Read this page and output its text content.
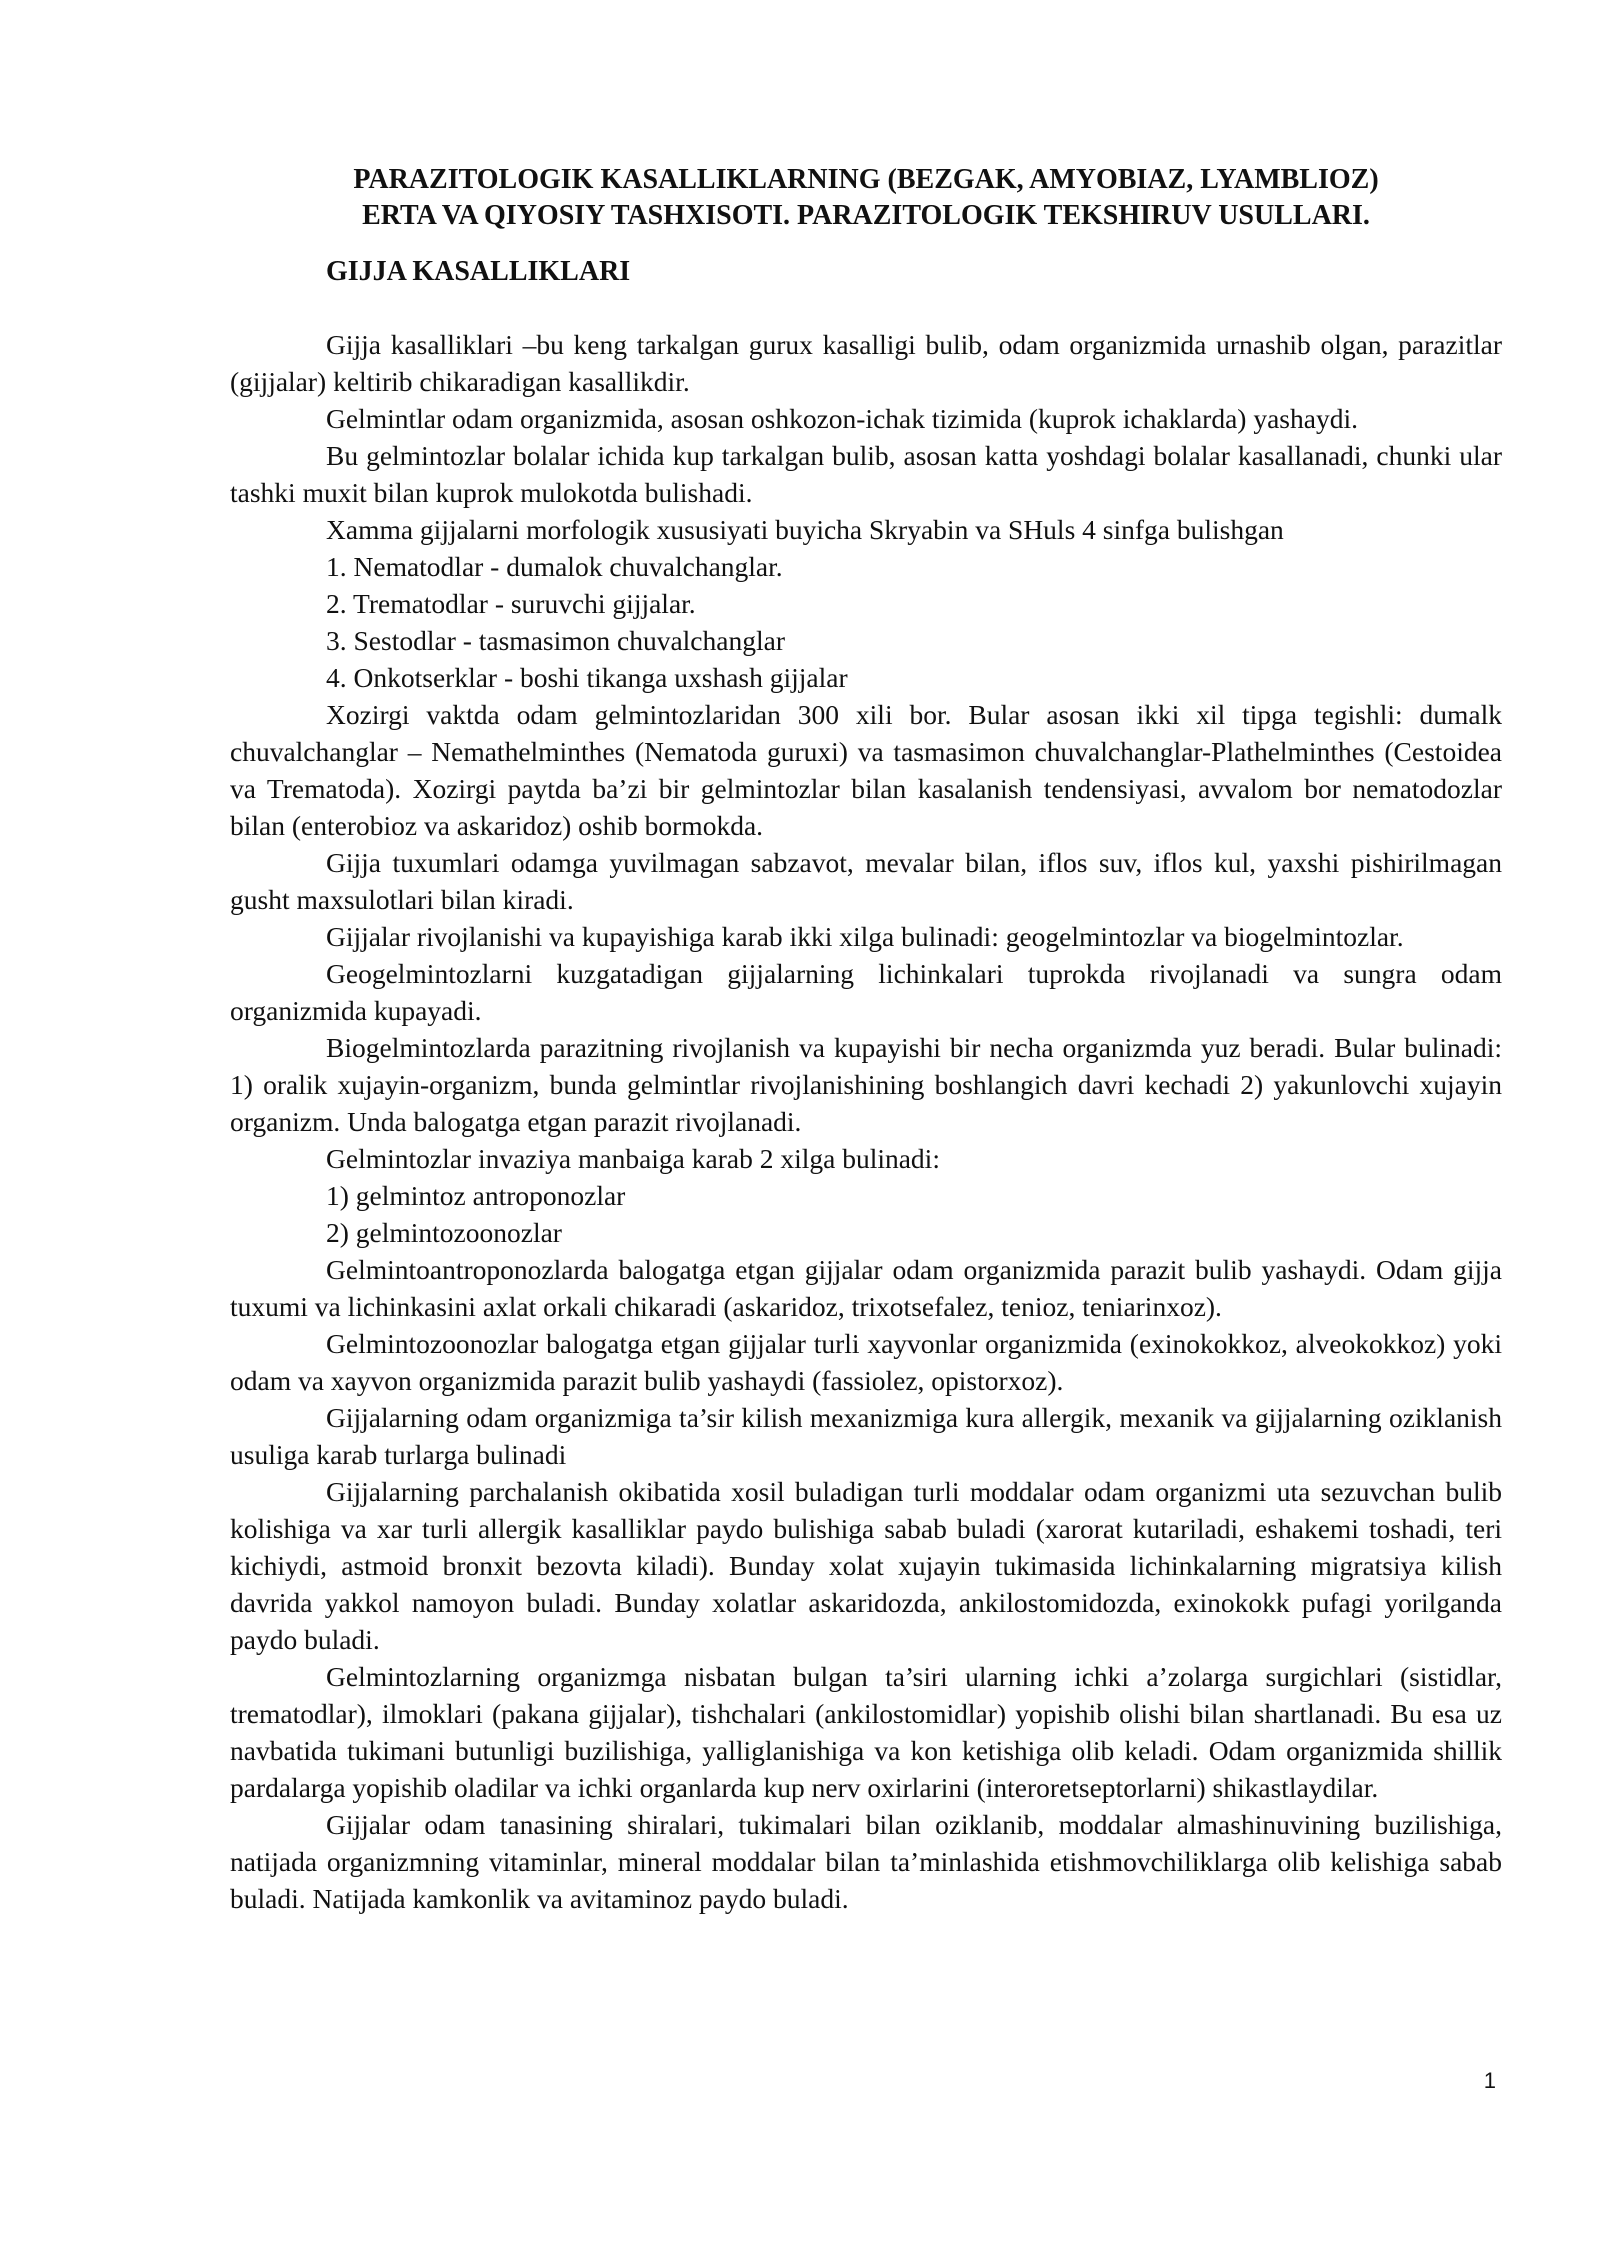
PARAZITOLOGIK KASALLIKLARNING (BEZGAK, AMYOBIAZ, LYAMBLIOZ)
ERTA VA QIYOSIY TASHXISOTI. PARAZITOLOGIK TEKSHIRUV USULLARI.
GIJJA KASALLIKLARI

Gijja kasalliklari –bu keng tarkalgan gurux kasalligi bulib, odam organizmida urnashib olgan, parazitlar (gijjalar) keltirib chikaradigan kasallikdir.

Gelmintlar odam organizmida, asosan oshkozon-ichak tizimida (kuprok ichaklarda) yashaydi.

Bu gelmintozlar bolalar ichida kup tarkalgan bulib, asosan katta yoshdagi bolalar kasallanadi, chunki ular tashki muxit bilan kuprok mulokotda bulishadi.

Xamma gijjalarni morfologik xususiyati buyicha Skryabin va SHuls 4 sinfga bulishgan

1. Nematodlar - dumalok chuvalchanglar.

2. Trematodlar - suruvchi gijjalar.

3. Sestodlar - tasmasimon chuvalchanglar

4. Onkotserklar - boshi tikanga uxshash gijjalar

Xozirgi vaktda odam gelmintozlaridan 300 xili bor. Bular asosan ikki xil tipga tegishli: dumalk chuvalchanglar – Nemathelminthes (Nematoda guruxi) va tasmasimon chuvalchanglar-Plathelminthes (Cestoidea va Trematoda). Xozirgi paytda ba’zi bir gelmintozlar bilan kasalanish tendensiyasi, avvalom bor nematodozlar bilan (enterobioz va askaridoz) oshib bormokda.

Gijja tuxumlari odamga yuvilmagan sabzavot, mevalar bilan, iflos suv, iflos kul, yaxshi pishirilmagan gusht maxsulotlari bilan kiradi.

Gijjalar rivojlanishi va kupayishiga karab ikki xilga bulinadi: geogelmintozlar va biogelmintozlar.

Geogelmintozlarni kuzgatadigan gijjalarning lichinkalari tuprokda rivojlanadi va sungra odam organizmida kupayadi.

Biogelmintozlarda parazitning rivojlanish va kupayishi bir necha organizmda yuz beradi. Bular bulinadi: 1) oralik xujayin-organizm, bunda gelmintlar rivojlanishining boshlangich davri kechadi 2) yakunlovchi xujayin organizm. Unda balogatga etgan parazit rivojlanadi.

Gelmintozlar invaziya manbaiga karab 2 xilga bulinadi:

1) gelmintoz antroponozlar

2) gelmintozoonozlar

Gelmintoantroponozlarda balogatga etgan gijjalar odam organizmida parazit bulib yashaydi. Odam gijja tuxumi va lichinkasini axlat orkali chikaradi (askaridoz, trixotsefalez, tenioz, teniarinxoz).

Gelmintozoonozlar balogatga etgan gijjalar turli xayvonlar organizmida (exinokokkoz, alveokokkoz) yoki odam va xayvon organizmida parazit bulib yashaydi (fassiolez, opistorxoz).

Gijjalarning odam organizmiga ta’sir kilish mexanizmiga kura allergik, mexanik va gijjalarning oziklanish usuliga karab turlarga bulinadi

Gijjalarning parchalanish okibatida xosil buladigan turli moddalar odam organizmi uta sezuvchan bulib kolishiga va xar turli allergik kasalliklar paydo bulishiga sabab buladi (xarorat kutariladi, eshakemi toshadi, teri kichiydi, astmoid bronxit bezovta kiladi). Bunday xolat xujayin tukimasida lichinkalarning migratsiya kilish davrida yakkol namoyon buladi. Bunday xolatlar askaridozda, ankilostomidozda, exinokokk pufagi yorilganda paydo buladi.

Gelmintozlarning organizmga nisbatan bulgan ta’siri ularning ichki a’zolarga surgichlari (sistidlar, trematodlar), ilmoklari (pakana gijjalar), tishchalari (ankilostomidlar) yopishib olishi bilan shartlanadi. Bu esa uz navbatida tukimani butunligi buzilishiga, yalliglanishiga va kon ketishiga olib keladi. Odam organizmida shillik pardalarga yopishib oladilar va ichki organlarda kup nerv oxirlarini (interoretseptorlarni) shikastlaydilar.

Gijjalar odam tanasining shiralari, tukimalari bilan oziklanib, moddalar almashinuvining buzilishiga, natijada organizmning vitaminlar, mineral moddalar bilan ta’minlashida etishmovchiliklarga olib kelishiga sabab buladi. Natijada kamkonlik va avitaminoz paydo buladi.

1
